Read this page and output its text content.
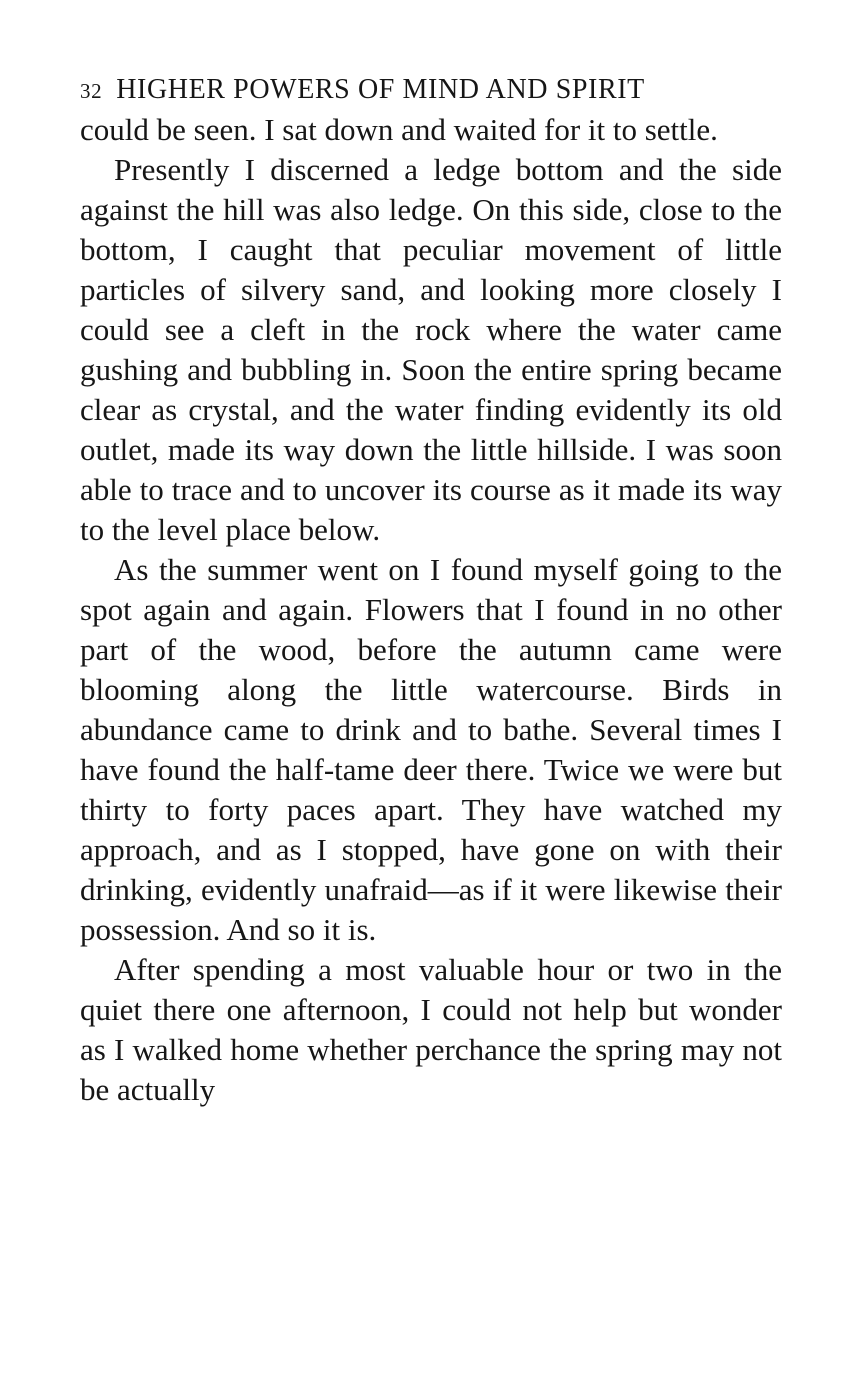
32 HIGHER POWERS OF MIND AND SPIRIT

could be seen. I sat down and waited for it to settle.

Presently I discerned a ledge bottom and the side against the hill was also ledge. On this side, close to the bottom, I caught that peculiar movement of little particles of silvery sand, and looking more closely I could see a cleft in the rock where the water came gushing and bubbling in. Soon the entire spring became clear as crystal, and the water finding evidently its old outlet, made its way down the little hillside. I was soon able to trace and to uncover its course as it made its way to the level place below.

As the summer went on I found myself going to the spot again and again. Flowers that I found in no other part of the wood, before the autumn came were blooming along the little watercourse. Birds in abundance came to drink and to bathe. Several times I have found the half-tame deer there. Twice we were but thirty to forty paces apart. They have watched my approach, and as I stopped, have gone on with their drinking, evidently unafraid—as if it were likewise their possession. And so it is.

After spending a most valuable hour or two in the quiet there one afternoon, I could not help but wonder as I walked home whether perchance the spring may not be actually
